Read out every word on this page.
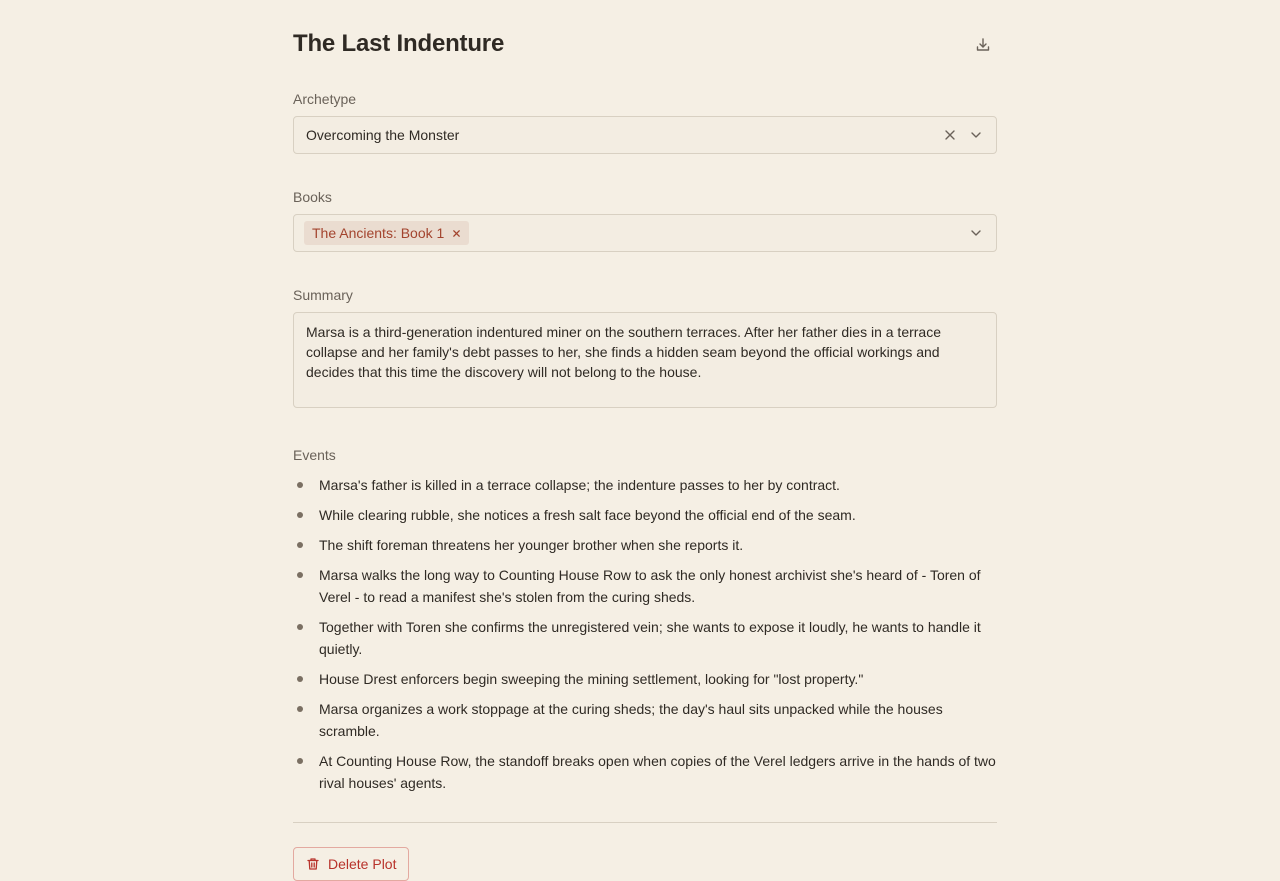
The Last Indenture
Archetype
Overcoming the Monster
Books
The Ancients: Book 1
Summary
Marsa is a third-generation indentured miner on the southern terraces. After her father dies in a terrace collapse and her family's debt passes to her, she finds a hidden seam beyond the official workings and decides that this time the discovery will not belong to the house.
Events
Marsa's father is killed in a terrace collapse; the indenture passes to her by contract.
While clearing rubble, she notices a fresh salt face beyond the official end of the seam.
The shift foreman threatens her younger brother when she reports it.
Marsa walks the long way to Counting House Row to ask the only honest archivist she's heard of - Toren of Verel - to read a manifest she's stolen from the curing sheds.
Together with Toren she confirms the unregistered vein; she wants to expose it loudly, he wants to handle it quietly.
House Drest enforcers begin sweeping the mining settlement, looking for "lost property."
Marsa organizes a work stoppage at the curing sheds; the day's haul sits unpacked while the houses scramble.
At Counting House Row, the standoff breaks open when copies of the Verel ledgers arrive in the hands of two rival houses' agents.
Delete Plot
